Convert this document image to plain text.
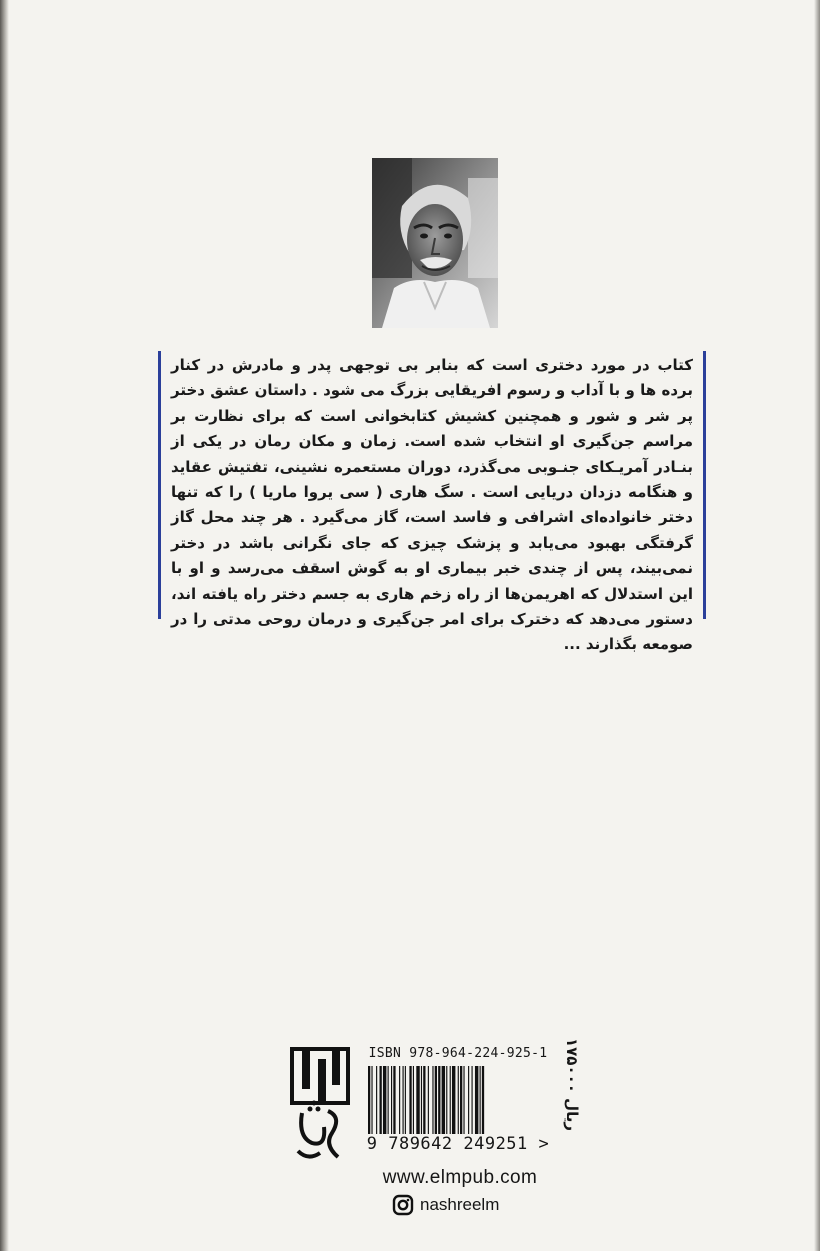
کتاب در مورد دختری است که بنابر بی توجهی پدر و مادرش در کنار برده ها و با آداب و رسوم افریقایی بزرگ می شود . داستان عشق دختر پر شر و شور و همچنین کشیش کتابخوانی است که برای نظارت بر مراسم جن‌گیری او انتخاب شده است. زمان و مکان رمان در یکی از بنـادر آمریـکای جنـوبی می‌گذرد، دوران مستعمره نشینی، تفتیش عقاید و هنگامه دزدان دریایی است . سگ هاری ( سی یروا ماریا ) را که تنها دختر خانواده‌ای اشرافی و فاسد است، گاز می‌گیرد . هر چند محل گاز گرفتگی بهبود می‌یابد و پزشک چیزی که جای نگرانی باشد در دختر نمی‌بیند، پس از چندی خبر بیماری او به گوش اسقف می‌رسد و او با این استدلال که اهریمن‌ها از راه زخم هاری به جسم دختر راه یافته اند، دستور می‌دهد که دخترک برای امر جن‌گیری و درمان روحی مدتی را در صومعه بگذارند ...

ISBN 978-964-224-925-1
9 789642 249251 >
۱۷۵۰۰۰ ریال
www.elmpub.com
nashreelm
